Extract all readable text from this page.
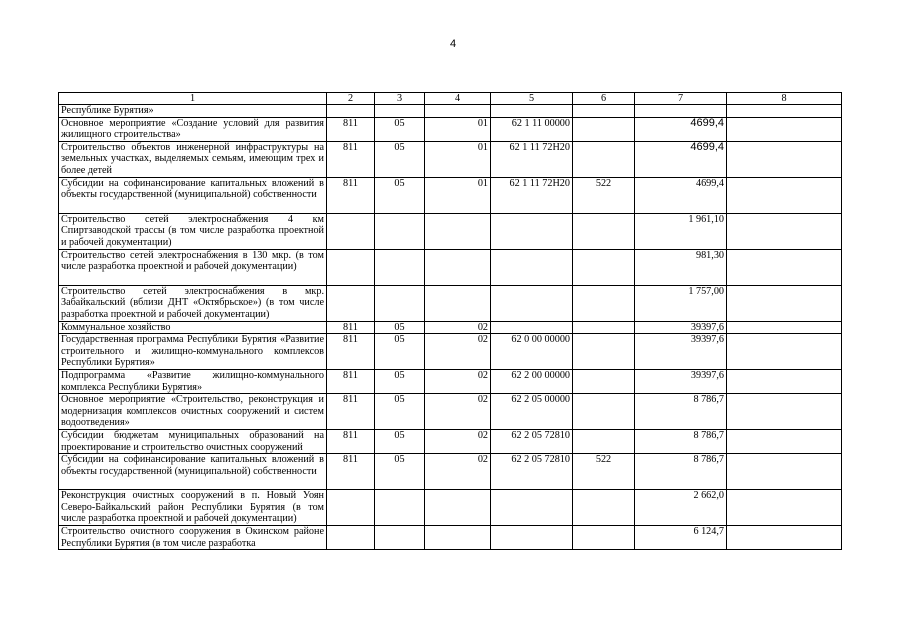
4
1	2	3	4	5	6	7	8
Республике Бурятия»							
Основное мероприятие «Создание условий для развития жилищного строительства»	811	05	01	62 1 11 00000		4699,4	
Строительство объектов инженерной инфраструктуры на земельных участках, выделяемых семьям, имеющим трех и более детей	811	05	01	62 1 11 72Н20		4699,4	
Субсидии на софинансирование капитальных вложений в объекты государственной (муниципальной) собственности	811	05	01	62 1 11 72Н20	522	4699,4	
Строительство сетей электроснабжения 4 км Спиртзаводской трассы (в том числе разработка проектной и рабочей документации)						1 961,10	
Строительство сетей электроснабжения в 130 мкр. (в том числе разработка проектной и рабочей документации)						981,30	
Строительство сетей электроснабжения в мкр. Забайкальский (вблизи ДНТ «Октябрьское») (в том числе разработка проектной и рабочей документации)						1 757,00	
Коммунальное хозяйство	811	05	02			39397,6	
Государственная программа Республики Бурятия «Развитие строительного и жилищно-коммунального комплексов Республики Бурятия»	811	05	02	62 0 00 00000		39397,6	
Подпрограмма «Развитие жилищно-коммунального комплекса Республики Бурятия»	811	05	02	62 2 00 00000		39397,6	
Основное мероприятие «Строительство, реконструкция и модернизация комплексов очистных сооружений и систем водоотведения»	811	05	02	62 2 05 00000		8 786,7	
Субсидии бюджетам муниципальных образований на проектирование и строительство очистных сооружений	811	05	02	62 2 05 72810		8 786,7	
Субсидии на софинансирование капитальных вложений в объекты государственной (муниципальной) собственности	811	05	02	62 2 05 72810	522	8 786,7	
Реконструкция очистных сооружений в п. Новый Уоян Северо-Байкальский район Республики Бурятия (в том числе разработка проектной и рабочей документации)						2 662,0	
Строительство очистного сооружения в Окинском районе Республики Бурятия (в том числе разработка						6 124,7	
